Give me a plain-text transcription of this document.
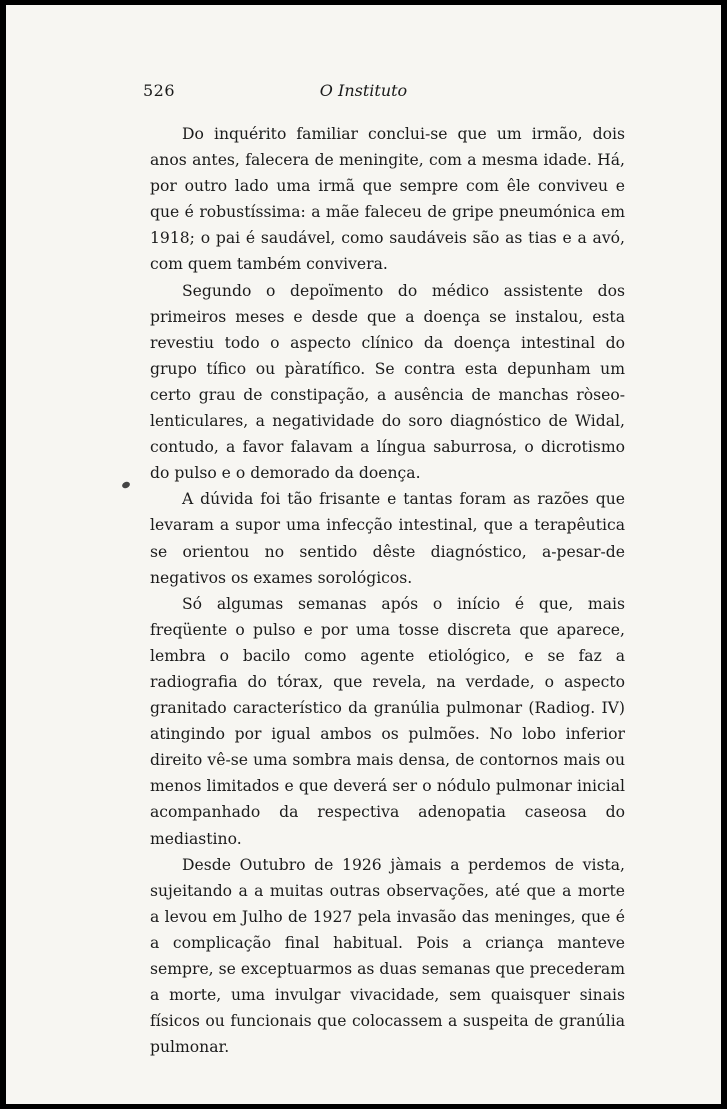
526	O Instituto

Do inquérito familiar conclui-se que um irmão, dois anos antes, falecera de meningite, com a mesma idade. Há, por outro lado uma irmã que sempre com êle conviveu e que é robustíssima: a mãe faleceu de gripe pneumónica em 1918; o pai é saudável, como saudáveis são as tias e a avó, com quem também convivera.

Segundo o depoïmento do médico assistente dos primeiros meses e desde que a doença se instalou, esta revestiu todo o aspecto clínico da doença intestinal do grupo tífico ou pàratífico. Se contra esta depunham um certo grau de constipação, a ausência de manchas ròseo-lenticulares, a negatividade do soro diagnóstico de Widal, contudo, a favor falavam a língua saburrosa, o dicrotismo do pulso e o demorado da doença.

A dúvida foi tão frisante e tantas foram as razões que levaram a supor uma infecção intestinal, que a terapêutica se orientou no sentido dêste diagnóstico, a-pesar-de negativos os exames sorológicos.

Só algumas semanas após o início é que, mais freqüente o pulso e por uma tosse discreta que aparece, lembra o bacilo como agente etiológico, e se faz a radiografia do tórax, que revela, na verdade, o aspecto granitado característico da granúlia pulmonar (Radiog. IV) atingindo por igual ambos os pulmões. No lobo inferior direito vê-se uma sombra mais densa, de contornos mais ou menos limitados e que deverá ser o nódulo pulmonar inicial acompanhado da respectiva adenopatia caseosa do mediastino.

Desde Outubro de 1926 jàmais a perdemos de vista, sujeitando a a muitas outras observações, até que a morte a levou em Julho de 1927 pela invasão das meninges, que é a complicação final habitual. Pois a criança manteve sempre, se exceptuarmos as duas semanas que precederam a morte, uma invulgar vivacidade, sem quaisquer sinais físicos ou funcionais que colocassem a suspeita de granúlia pulmonar.
